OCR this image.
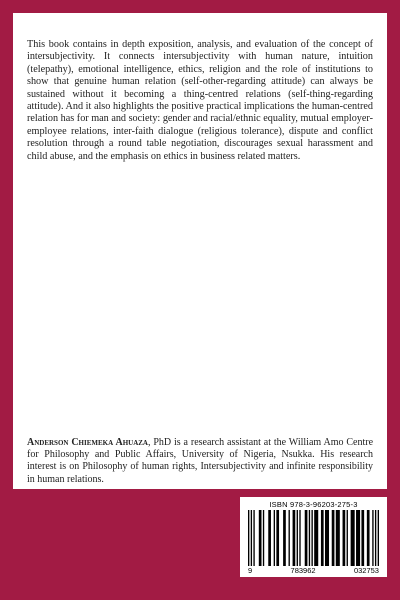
This book contains in depth exposition, analysis, and evaluation of the concept of intersubjectivity. It connects intersubjectivity with human nature, intuition (telepathy), emotional intelligence, ethics, religion and the role of institutions to show that genuine human relation (self-other-regarding attitude) can always be sustained without it becoming a thing-centred relations (self-thing-regarding attitude). And it also highlights the positive practical implications the human-centred relation has for man and society: gender and racial/ethnic equality, mutual employer-employee relations, inter-faith dialogue (religious tolerance), dispute and conflict resolution through a round table negotiation, discourages sexual harassment and child abuse, and the emphasis on ethics in business related matters.

Anderson Chiemeka Ahuaza, PhD is a research assistant at the William Amo Centre for Philosophy and Public Affairs, University of Nigeria, Nsukka. His research interest is on Philosophy of human rights, Intersubjectivity and infinite responsibility in human relations.

ISBN 978-3-96203-275-3
9	783962	032753
